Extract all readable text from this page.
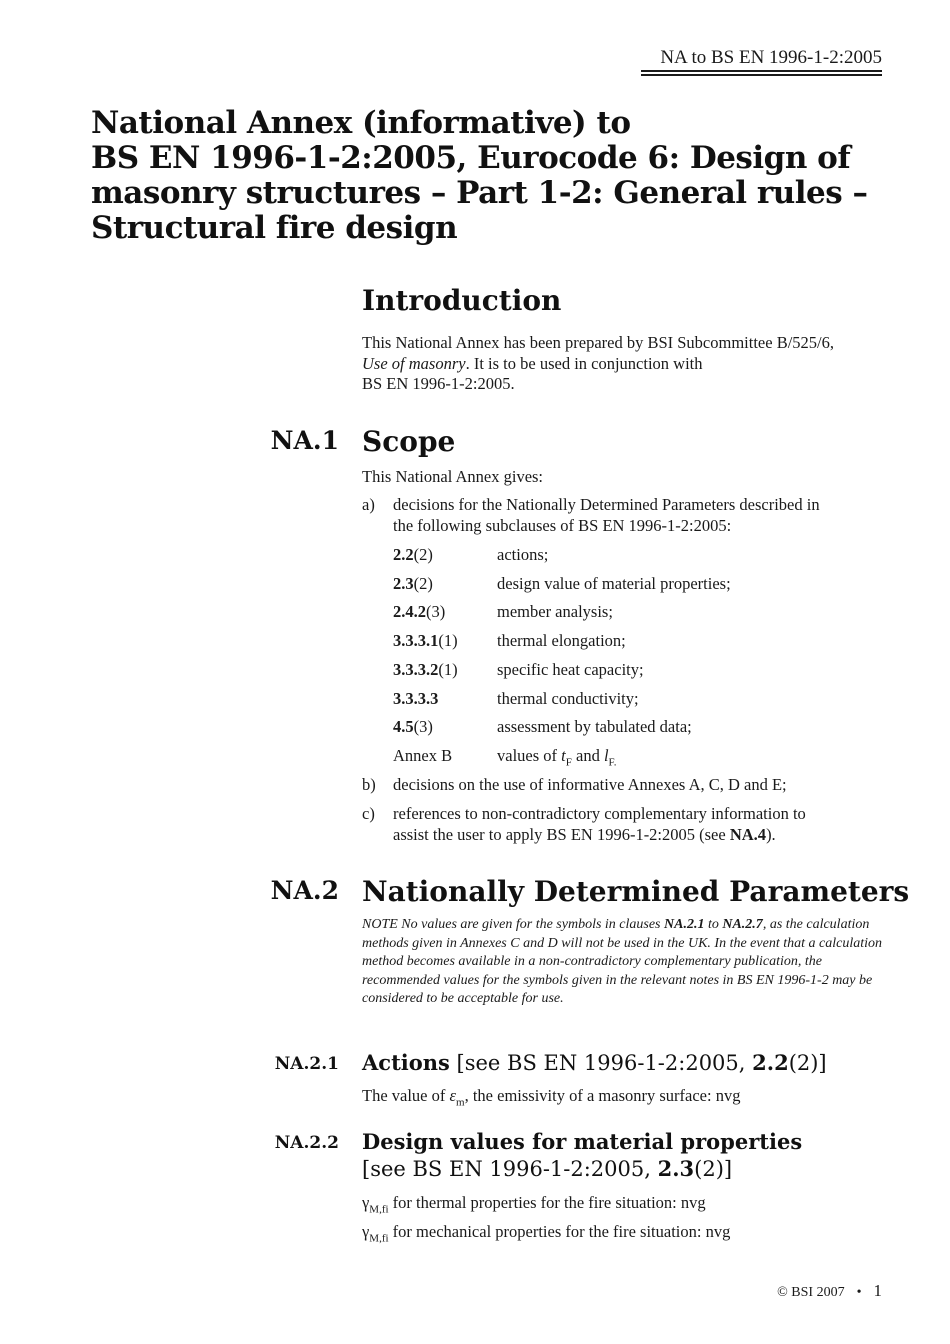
NA to BS EN 1996-1-2:2005
National Annex (informative) to
BS EN 1996-1-2:2005, Eurocode 6: Design of
masonry structures – Part 1-2: General rules –
Structural fire design
Introduction

This National Annex has been prepared by BSI Subcommittee B/525/6,

Use of masonry. It is to be used in conjunction with

BS EN 1996-1-2:2005.

NA.1 Scope
This National Annex gives:
a) decisions for the Nationally Determined Parameters described in
the following subclauses of BS EN 1996-1-2:2005:
2.2(2)	actions;
2.3(2)	design value of material properties;
2.4.2(3)	member analysis;
3.3.3.1(1) thermal elongation;
3.3.3.2(1) specific heat capacity;
3.3.3.3	thermal conductivity;
4.5(3)	assessment by tabulated data;
Annex B	values of $t_F$ and $l_{F.}$
b) decisions on the use of informative Annexes A, C, D and E;
c) references to non-contradictory complementary information to
assist the user to apply BS EN 1996-1-2:2005 (see NA.4).
NA.2 Nationally Determined Parameters

NOTE No values are given for the symbols in clauses NA.2.1 to NA.2.7, as the calculation methods given in Annexes C and D will not be used in the UK. In the event that a calculation method becomes available in a non-contradictory complementary publication, the recommended values for the symbols given in the relevant notes in BS EN 1996-1-2 may be considered to be acceptable for use.

NA.2.1 Actions [see BS EN 1996-1-2:2005, 2.2(2)]
The value of $\varepsilon_m$, the emissivity of a masonry surface: nvg
NA.2.2 Design values for material properties
[see BS EN 1996-1-2:2005, 2.3(2)]
$\gamma_{M,fi}$ for thermal properties for the fire situation: nvg
$\gamma_{M,fi}$ for mechanical properties for the fire situation: nvg
© BSI 2007 • 1
